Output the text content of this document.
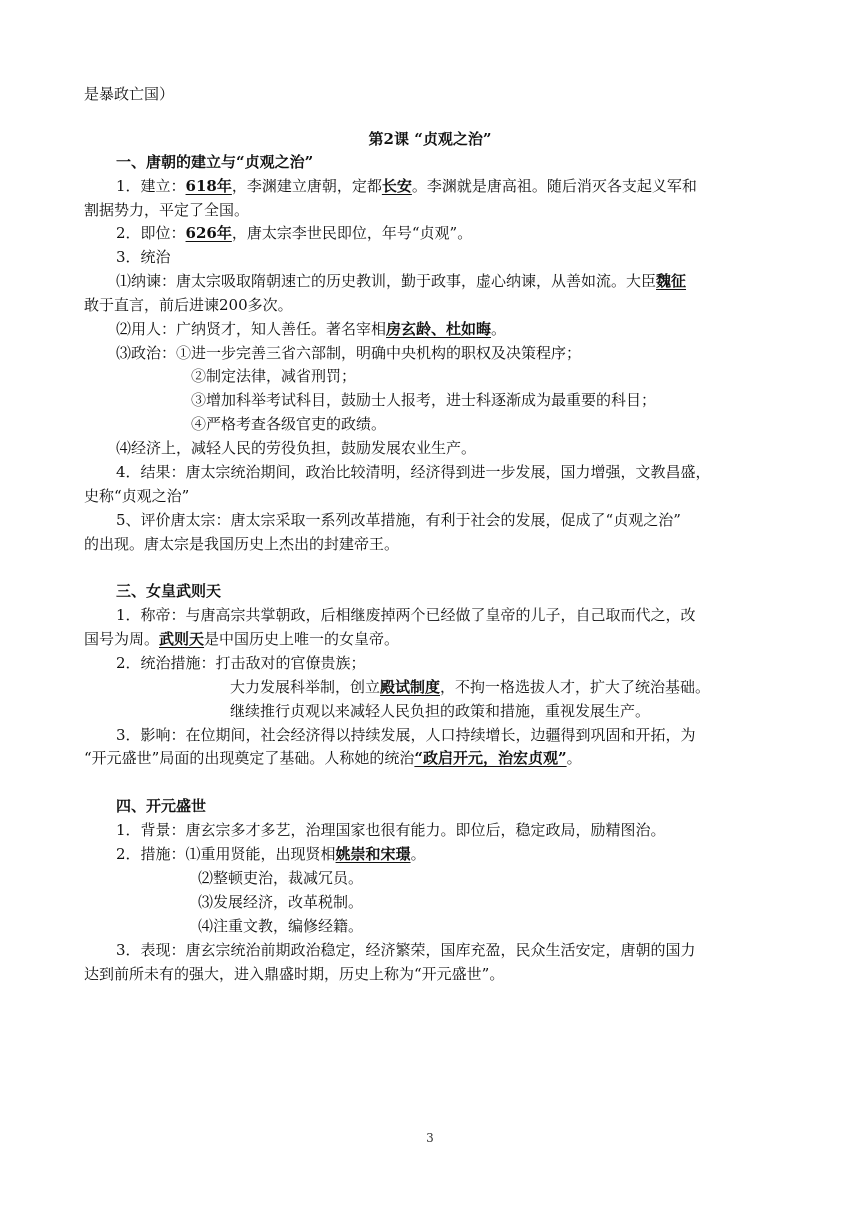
是暴政亡国）
第2课 “贞观之治”
一、唐朝的建立与“贞观之治”
1．建立：618年，李渊建立唐朝，定都长安。李渊就是唐高祖。随后消灭各支起义军和
割据势力，平定了全国。
2．即位：626年，唐太宗李世民即位，年号“贞观”。
3．统治
⑴纳谏：唐太宗吸取隋朝速亡的历史教训，勤于政事，虚心纳谏，从善如流。大臣魏征
敢于直言，前后进谏200多次。
⑵用人：广纳贤才，知人善任。著名宰相房玄龄、杜如晦。
⑶政治：①进一步完善三省六部制，明确中央机构的职权及决策程序；
②制定法律，减省刑罚；
③增加科举考试科目，鼓励士人报考，进士科逐渐成为最重要的科目；
④严格考查各级官吏的政绩。
⑷经济上，减轻人民的劳役负担，鼓励发展农业生产。
4．结果：唐太宗统治期间，政治比较清明，经济得到进一步发展，国力增强，文教昌盛，
史称“贞观之治”
5、评价唐太宗：唐太宗采取一系列改革措施，有利于社会的发展，促成了“贞观之治”
的出现。唐太宗是我国历史上杰出的封建帝王。
三、女皇武则天
1．称帝：与唐高宗共掌朝政，后相继废掉两个已经做了皇帝的儿子，自己取而代之，改
国号为周。武则天是中国历史上唯一的女皇帝。
2．统治措施：打击敌对的官僚贵族；
大力发展科举制，创立殿试制度，不拘一格选拔人才，扩大了统治基础。
继续推行贞观以来减轻人民负担的政策和措施，重视发展生产。
3．影响：在位期间，社会经济得以持续发展，人口持续增长，边疆得到巩固和开拓，为
“开元盛世”局面的出现奠定了基础。人称她的统治“政启开元，治宏贞观”。
四、开元盛世
1．背景：唐玄宗多才多艺，治理国家也很有能力。即位后，稳定政局，励精图治。
2．措施：⑴重用贤能，出现贤相姚崇和宋璟。
⑵整顿吏治，裁减冗员。
⑶发展经济，改革税制。
⑷注重文教，编修经籍。
3．表现：唐玄宗统治前期政治稳定，经济繁荣，国库充盈，民众生活安定，唐朝的国力
达到前所未有的强大，进入鼎盛时期，历史上称为“开元盛世”。
3
